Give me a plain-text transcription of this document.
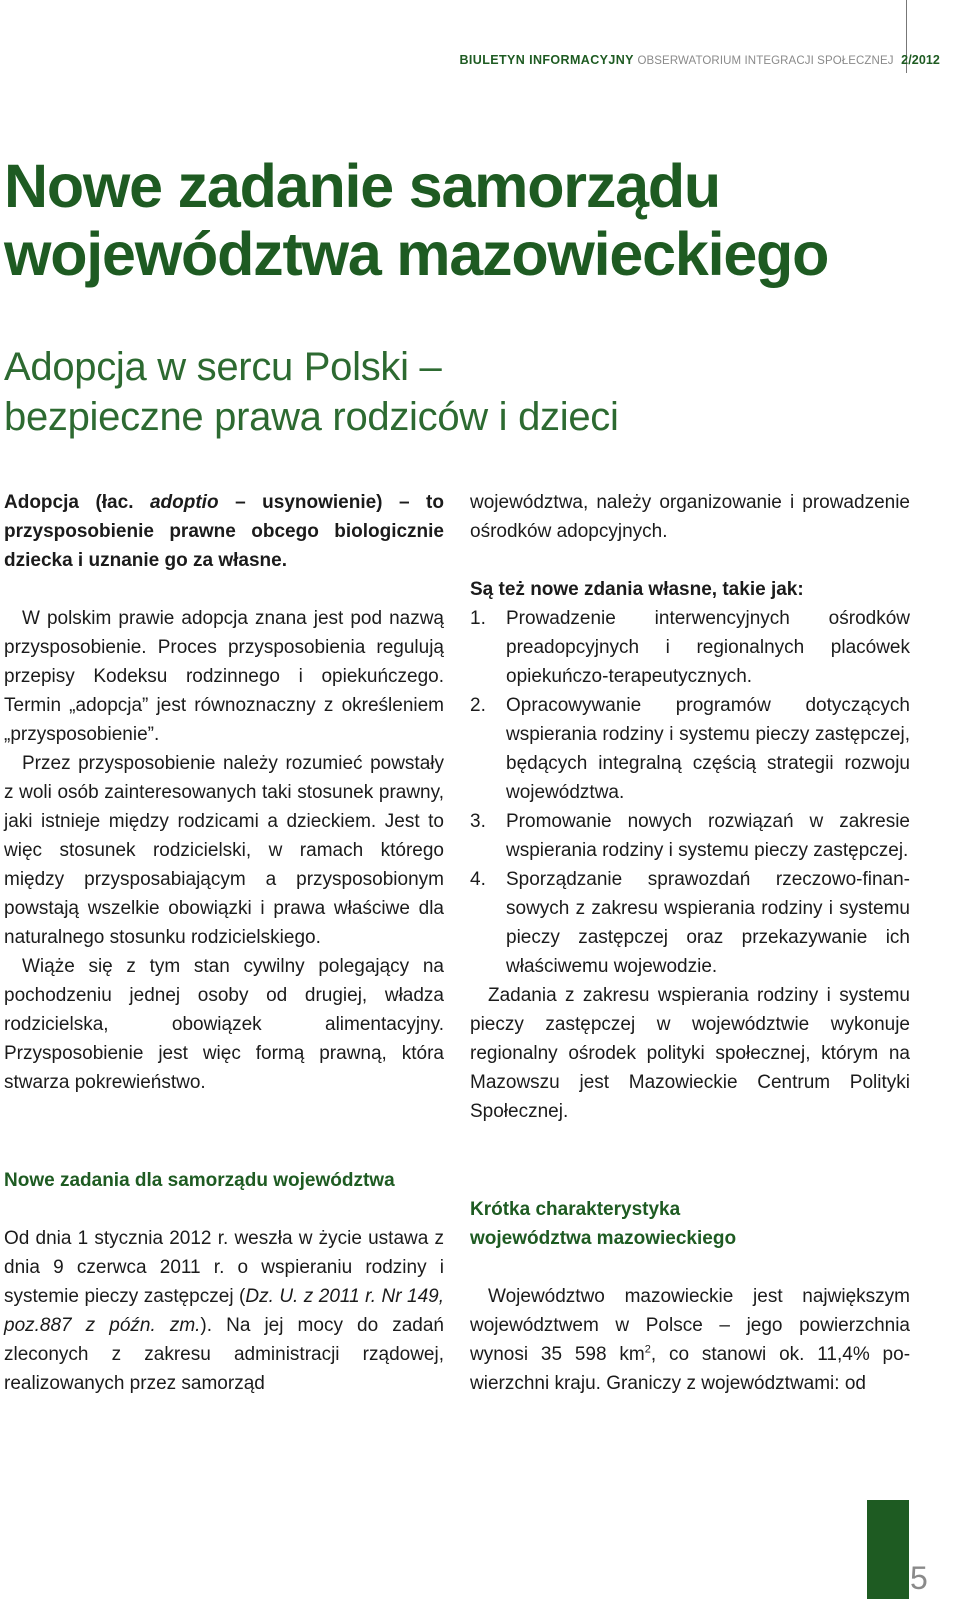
BIULETYN INFORMACYJNY OBSERWATORIUM INTEGRACJI SPOŁECZNEJ 2/2012
Nowe zadanie samorządu
województwa mazowieckiego
Adopcja w sercu Polski –
bezpieczne prawa rodziców i dzieci

Adopcja (łac. adoptio – usynowienie) – to przysposobienie prawne obcego biologicznie dziecka i uznanie go za własne.

W polskim prawie adopcja znana jest pod nazwą przysposobienie. Proces przysposobienia regulują przepisy Kodeksu rodzinnego i opiekuńczego. Termin „adopcja” jest równoznaczny z określeniem „przysposobienie”.

Przez przysposobienie należy rozumieć powstały z woli osób zainteresowanych taki stosunek prawny, jaki istnieje między rodzicami a dzieckiem. Jest to więc stosunek rodzicielski, w ramach którego między przysposabiającym a przysposobionym powstają wszelkie obowiązki i prawa właściwe dla naturalnego stosunku rodzicielskiego.

Wiąże się z tym stan cywilny polegający na pochodzeniu jednej osoby od drugiej, władza rodzicielska, obowiązek alimentacyjny. Przysposobienie jest więc formą prawną, która stwarza pokrewieństwo.

województwa, należy organizowanie i prowadzenie ośrodków adopcyjnych.

Są też nowe zdania własne, takie jak:

1. Prowadzenie interwencyjnych ośrodków preadopcyjnych i regionalnych placówek opiekuńczo-terapeutycznych.
2. Opracowywanie programów dotyczących wspierania rodziny i systemu pieczy zastępczej, będących integralną częścią strategii rozwoju województwa.
3. Promowanie nowych rozwiązań w zakresie wspierania rodziny i systemu pieczy zastępczej.
4. Sporządzanie sprawozdań rzeczowo-finansowych z zakresu wspierania rodziny i systemu pieczy zastępczej oraz przekazywanie ich właściwemu wojewodzie.

Zadania z zakresu wspierania rodziny i systemu pieczy zastępczej w województwie wykonuje regionalny ośrodek polityki społecznej, którym na Mazowszu jest Mazowieckie Centrum Polityki Społecznej.

Nowe zadania dla samorządu województwa

Od dnia 1 stycznia 2012 r. weszła w życie ustawa z dnia 9 czerwca 2011 r. o wspieraniu rodziny i systemie pieczy zastępczej (Dz. U. z 2011 r. Nr 149, poz.887 z późn. zm.). Na jej mocy do zadań zleconych z zakresu administracji rządowej, realizowanych przez samorząd

Krótka charakterystyka
województwa mazowieckiego

Województwo mazowieckie jest największym województwem w Polsce – jego powierzchnia wynosi 35 598 $km^2$, co stanowi ok. 11,4% powierzchni kraju. Graniczy z województwami: od

5
